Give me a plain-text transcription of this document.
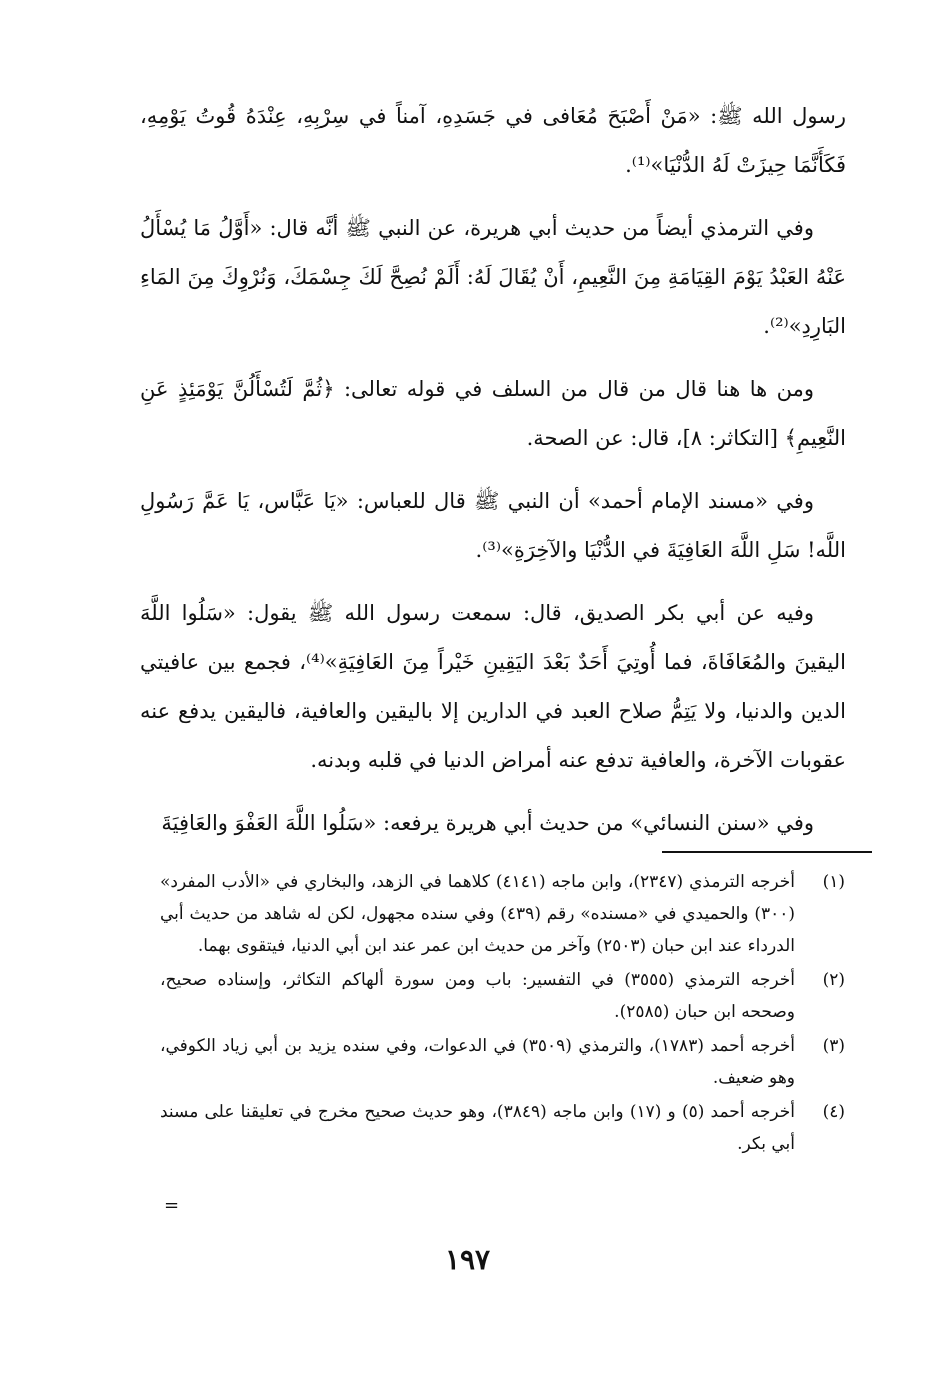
رسول الله ﷺ: «مَنْ أَصْبَحَ مُعَافى في جَسَدِهِ، آمناً في سِرْبِهِ، عِنْدَهُ قُوتُ يَوْمِهِ، فَكَأَنَّمَا حِيزَتْ لَهُ الدُّنْيَا»⁽¹⁾.

وفي الترمذي أيضاً من حديث أبي هريرة، عن النبي ﷺ أنَّه قال: «أَوَّلُ مَا يُسْأَلُ عَنْهُ العَبْدُ يَوْمَ القِيَامَةِ مِنَ النَّعِيمِ، أَنْ يُقَالَ لَهُ: أَلَمْ نُصِحَّ لَكَ جِسْمَكَ، وَنُرْوِكَ مِنَ المَاءِ البَارِدِ»⁽²⁾.

ومن ها هنا قال من قال من السلف في قوله تعالى: ﴿ثُمَّ لَتُسْأَلُنَّ يَوْمَئِذٍ عَنِ النَّعِيمِ﴾ [التكاثر: ٨]، قال: عن الصحة.

وفي «مسند الإمام أحمد» أن النبي ﷺ قال للعباس: «يَا عَبَّاس، يَا عَمَّ رَسُولِ اللَّه! سَلِ اللَّهَ العَافِيَةَ في الدُّنْيَا والآخِرَةِ»⁽³⁾.

وفيه عن أبي بكر الصديق، قال: سمعت رسول الله ﷺ يقول: «سَلُوا اللَّهَ اليقينَ والمُعَافَاةَ، فما أُوتِيَ أَحَدٌ بَعْدَ اليَقِينِ خَيْراً مِنَ العَافِيَةِ»⁽⁴⁾، فجمع بين عافيتي الدين والدنيا، ولا يَتِمُّ صلاح العبد في الدارين إلا باليقين والعافية، فاليقين يدفع عنه عقوبات الآخرة، والعافية تدفع عنه أمراض الدنيا في قلبه وبدنه.

وفي «سنن النسائي» من حديث أبي هريرة يرفعه: «سَلُوا اللَّهَ العَفْوَ والعَافِيَةَ

(١)
أخرجه الترمذي (٢٣٤٧)، وابن ماجه (٤١٤١) كلاهما في الزهد، والبخاري في «الأدب المفرد» (٣٠٠) والحميدي في «مسنده» رقم (٤٣٩) وفي سنده مجهول، لكن له شاهد من حديث أبي الدرداء عند ابن حبان (٢٥٠٣) وآخر من حديث ابن عمر عند ابن أبي الدنيا، فيتقوى بهما.
(٢)
أخرجه الترمذي (٣٥٥٥) في التفسير: باب ومن سورة ألهاكم التكاثر، وإسناده صحيح، وصححه ابن حبان (٢٥٨٥).
(٣)
أخرجه أحمد (١٧٨٣)، والترمذي (٣٥٠٩) في الدعوات، وفي سنده يزيد بن أبي زياد الكوفي، وهو ضعيف.
(٤)
أخرجه أحمد (٥) و (١٧) وابن ماجه (٣٨٤٩)، وهو حديث صحيح مخرج في تعليقنا على مسند أبي بكر.
=
١٩٧
